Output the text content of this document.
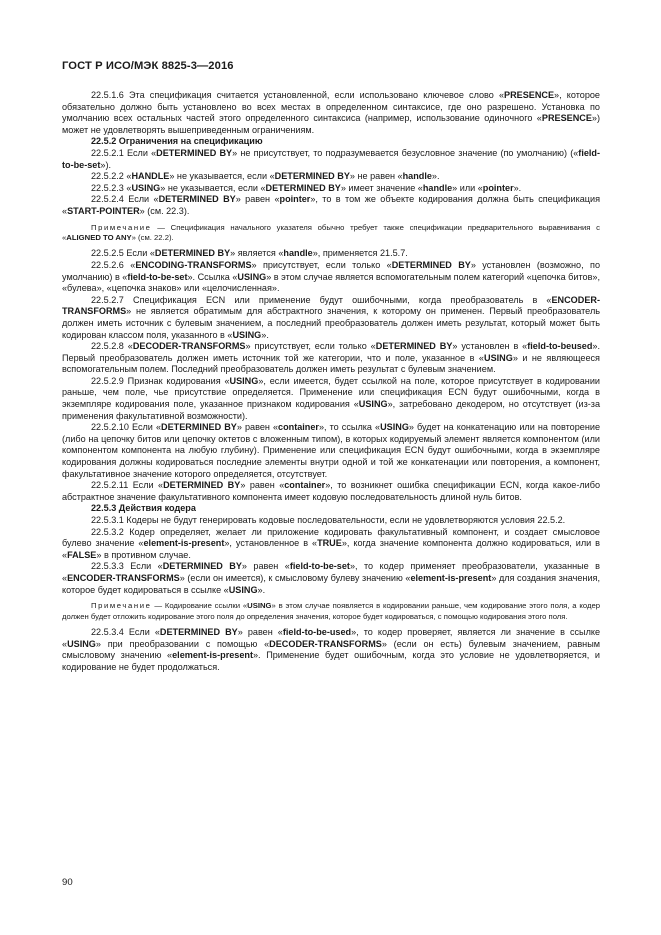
ГОСТ Р ИСО/МЭК 8825-3—2016

22.5.1.6 Эта спецификация считается установленной, если использовано ключевое слово «PRESENCE», которое обязательно должно быть установлено во всех местах в определенном синтаксисе, где оно разрешено. Установка по умолчанию всех остальных частей этого определенного синтаксиса (например, использование одиночного «PRESENCE») может не удовлетворять вышеприведенным ограничениям.

22.5.2 Ограничения на спецификацию

22.5.2.1 Если «DETERMINED BY» не присутствует, то подразумевается безусловное значение (по умолчанию) («field-to-be-set»).

22.5.2.2 «HANDLE» не указывается, если «DETERMINED BY» не равен «handle».

22.5.2.3 «USING» не указывается, если «DETERMINED BY» имеет значение «handle» или «pointer».

22.5.2.4 Если «DETERMINED BY» равен «pointer», то в том же объекте кодирования должна быть спецификация «START-POINTER» (см. 22.3).

Примечание — Спецификация начального указателя обычно требует также спецификации предварительного выравнивания с «ALIGNED TO ANY» (см. 22.2).

22.5.2.5 Если «DETERMINED BY» является «handle», применяется 21.5.7.

22.5.2.6 «ENCODING-TRANSFORMS» присутствует, если только «DETERMINED BY» установлен (возможно, по умолчанию) в «field-to-be-set». Ссылка «USING» в этом случае является вспомогательным полем категорий «цепочка битов», «булева», «цепочка знаков» или «целочисленная».

22.5.2.7 Спецификация ECN или применение будут ошибочными, когда преобразователь в «ENCODER-TRANSFORMS» не является обратимым для абстрактного значения, к которому он применен. Первый преобразователь должен иметь источник с булевым значением, а последний преобразователь должен иметь результат, который может быть кодирован классом поля, указанного в «USING».

22.5.2.8 «DECODER-TRANSFORMS» присутствует, если только «DETERMINED BY» установлен в «field-to-beused». Первый преобразователь должен иметь источник той же категории, что и поле, указанное в «USING» и не являющееся вспомогательным полем. Последний преобразователь должен иметь результат с булевым значением.

22.5.2.9 Признак кодирования «USING», если имеется, будет ссылкой на поле, которое присутствует в кодировании раньше, чем поле, чье присутствие определяется. Применение или спецификация ECN будут ошибочными, когда в экземпляре кодирования поле, указанное признаком кодирования «USING», затребовано декодером, но отсутствует (из-за применения факультативной возможности).

22.5.2.10 Если «DETERMINED BY» равен «container», то ссылка «USING» будет на конкатенацию или на повторение (либо на цепочку битов или цепочку октетов с вложенным типом), в которых кодируемый элемент является компонентом (или компонентом компонента на любую глубину). Применение или спецификация ECN будут ошибочными, когда в экземпляре кодирования должны кодироваться последние элементы внутри одной и той же конкатенации или повторения, а компонент, факультативное значение которого определяется, отсутствует.

22.5.2.11 Если «DETERMINED BY» равен «container», то возникнет ошибка спецификации ECN, когда какое-либо абстрактное значение факультативного компонента имеет кодовую последовательность длиной нуль битов.

22.5.3 Действия кодера

22.5.3.1 Кодеры не будут генерировать кодовые последовательности, если не удовлетворяются условия 22.5.2.

22.5.3.2 Кодер определяет, желает ли приложение кодировать факультативный компонент, и создает смысловое булево значение «element-is-present», установленное в «TRUE», когда значение компонента должно кодироваться, или в «FALSE» в противном случае.

22.5.3.3 Если «DETERMINED BY» равен «field-to-be-set», то кодер применяет преобразователи, указанные в «ENCODER-TRANSFORMS» (если он имеется), к смысловому булеву значению «element-is-present» для создания значения, которое будет кодироваться в ссылке «USING».

Примечание — Кодирование ссылки «USING» в этом случае появляется в кодировании раньше, чем кодирование этого поля, а кодер должен будет отложить кодирование этого поля до определения значения, которое будет кодироваться, с помощью кодирования этого поля.

22.5.3.4 Если «DETERMINED BY» равен «field-to-be-used», то кодер проверяет, является ли значение в ссылке «USING» при преобразовании с помощью «DECODER-TRANSFORMS» (если он есть) булевым значением, равным смысловому значению «element-is-present». Применение будет ошибочным, когда это условие не удовлетворяется, и кодирование не будет продолжаться.

90
